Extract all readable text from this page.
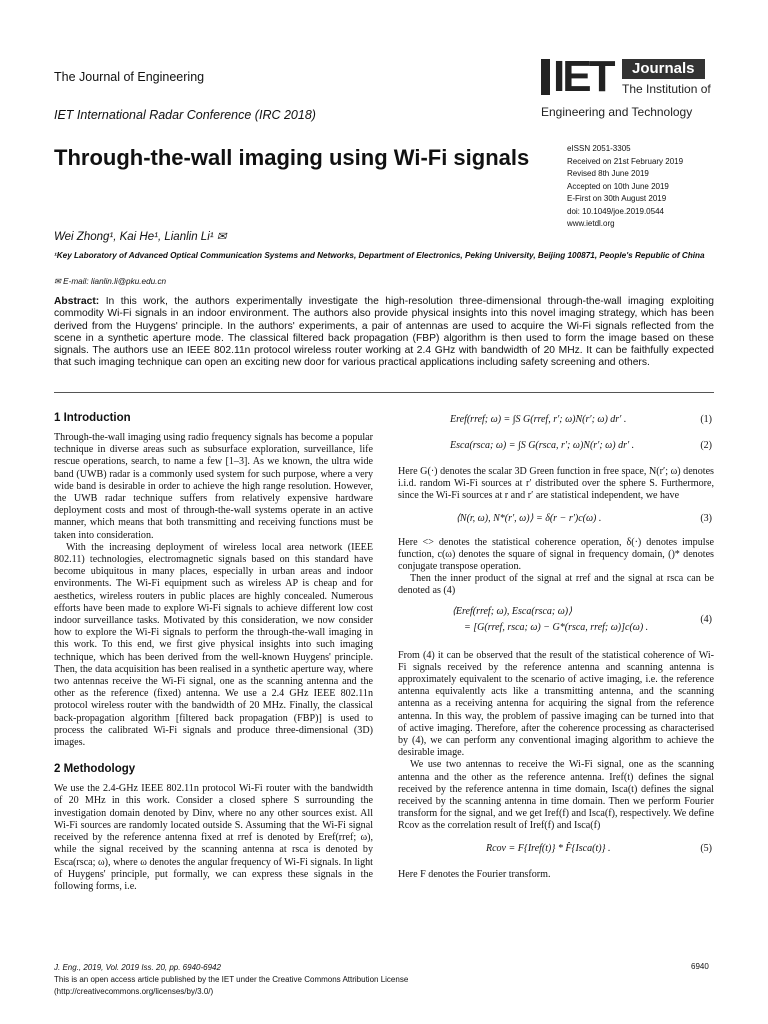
The Journal of Engineering
IET International Radar Conference (IRC 2018)
IET	Journals
The Institution of
Engineering and Technology
Through-the-wall imaging using Wi-Fi signals	eISSN 2051-3305
Received on 21st February 2019
Revised 8th June 2019
Accepted on 10th June 2019
E-First on 30th August 2019
doi: 10.1049/joe.2019.0544
www.ietdl.org
Wei Zhong¹, Kai He¹, Lianlin Li¹ ✉
¹Key Laboratory of Advanced Optical Communication Systems and Networks, Department of Electronics, Peking University, Beijing 100871, People's Republic of China
✉ E-mail: lianlin.li@pku.edu.cn
Abstract: In this work, the authors experimentally investigate the high-resolution three-dimensional through-the-wall imaging exploiting commodity Wi-Fi signals in an indoor environment. The authors also provide physical insights into this novel imaging strategy, which has been derived from the Huygens' principle. In the authors' experiments, a pair of antennas are used to acquire the Wi-Fi signals reflected from the scene in a synthetic aperture mode. The classical filtered back propagation (FBP) algorithm is then used to form the image based on these signals. The authors use an IEEE 802.11n protocol wireless router working at 2.4 GHz with bandwidth of 20 MHz. It can be faithfully expected that such imaging technique can open an exciting new door for various practical applications including safety screening and others.
1 Introduction

Through-the-wall imaging using radio frequency signals has become a popular technique in diverse areas such as subsurface exploration, surveillance, life rescue operations, search, to name a few [1–3]. As we known, the ultra wide band (UWB) radar is a commonly used system for such purpose, where a very wide band is desirable in order to achieve the high range resolution. However, the UWB radar technique suffers from relatively expensive hardware deployment costs and most of through-the-wall systems operate in an active manner, which means that both transmitting and receiving functions must be taken into consideration.

With the increasing deployment of wireless local area network (IEEE 802.11) technologies, electromagnetic signals based on this standard have become ubiquitous in many places, especially in urban areas and indoor environments. The Wi-Fi equipment such as wireless AP is cheap and for aesthetics, wireless routers in public places are highly concealed. Numerous efforts have been made to explore Wi-Fi signals to achieve different low cost indoor surveillance tasks. Motivated by this consideration, we now consider how to explore the Wi-Fi signals to perform the through-the-wall imaging in this work. To this end, we first give physical insights into such imaging technique, which has been derived from the well-known Huygens' principle. Then, the data acquisition has been realised in a synthetic aperture way, where two antennas receive the Wi-Fi signal, one as the scanning antenna and the other as the reference (fixed) antenna. We use a 2.4 GHz IEEE 802.11n protocol wireless router with the bandwidth of 20 MHz. Finally, the classical back-propagation algorithm [filtered back propagation (FBP)] is used to process the calibrated Wi-Fi signals and produce three-dimensional (3D) images.

2 Methodology

We use the 2.4-GHz IEEE 802.11n protocol Wi-Fi router with the bandwidth of 20 MHz in this work. Consider a closed sphere S surrounding the investigation domain denoted by Dinv, where no any other sources exist. All Wi-Fi sources are randomly located outside S. Assuming that the Wi-Fi signal received by the reference antenna fixed at rref is denoted by Eref(rref; ω), while the signal received by the scanning antenna at rsca is denoted by Esca(rsca; ω), where ω denotes the angular frequency of Wi-Fi signals. In light of Huygens' principle, put formally, we can express these signals in the following forms, i.e.

Eref(rref; ω) = ∫S G(rref, r′; ω)N(r′; ω) dr′ .	(1)
Esca(rsca; ω) = ∫S G(rsca, r′; ω)N(r′; ω) dr′ .	(2)

Here G(·) denotes the scalar 3D Green function in free space, N(r′; ω) denotes i.i.d. random Wi-Fi sources at r′ distributed over the sphere S. Furthermore, since the Wi-Fi sources at r and r′ are statistical independent, we have

⟨N(r, ω), N*(r′, ω)⟩ = δ(r − r′)c(ω) .	(3)

Here <> denotes the statistical coherence operation, δ(·) denotes impulse function, c(ω) denotes the square of signal in frequency domain, ()* denotes conjugate transpose operation.

Then the inner product of the signal at rref and the signal at rsca can be denoted as (4)

⟨Eref(rref; ω), Esca(rsca; ω)⟩
= [G(rref, rsca; ω) − G*(rsca, rref; ω)]c(ω) .
(4)

From (4) it can be observed that the result of the statistical coherence of Wi-Fi signals received by the reference antenna and scanning antenna is approximately equivalent to the scenario of active imaging, i.e. the reference antenna equivalently acts like a transmitting antenna, and the scanning antenna as a receiving antenna for acquiring the signal from the reference antenna. In this way, the problem of passive imaging can be turned into that of active imaging. Therefore, after the coherence processing as characterised by (4), we can perform any conventional imaging algorithm to achieve the desirable image.

We use two antennas to receive the Wi-Fi signal, one as the scanning antenna and the other as the reference antenna. Iref(t) defines the signal received by the reference antenna in time domain, Isca(t) defines the signal received by the scanning antenna in time domain. Then we perform Fourier transform for the signal, and we get Iref(f) and Isca(f), respectively. We define Rcov as the correlation result of Iref(f) and Isca(f)

Rcov = F{Iref(t)} * F̂{Isca(t)} .	(5)

Here F denotes the Fourier transform.

J. Eng., 2019, Vol. 2019 Iss. 20, pp. 6940-6942
This is an open access article published by the IET under the Creative Commons Attribution License
(http://creativecommons.org/licenses/by/3.0/)
6940
